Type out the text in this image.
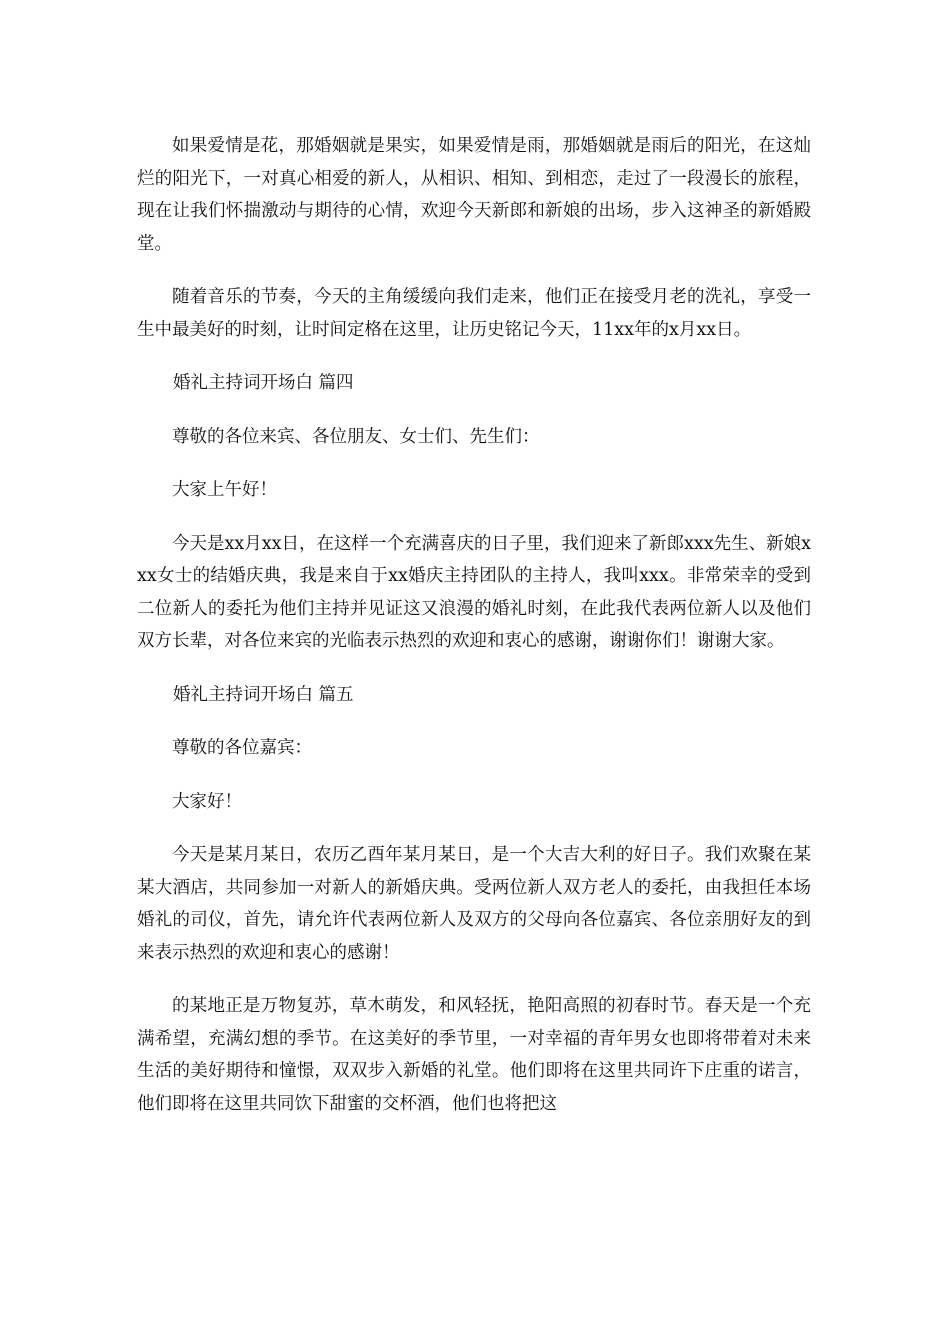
如果爱情是花，那婚姻就是果实，如果爱情是雨，那婚姻就是雨后的阳光，在这灿烂的阳光下，一对真心相爱的新人，从相识、相知、到相恋，走过了一段漫长的旅程，现在让我们怀揣激动与期待的心情，欢迎今天新郎和新娘的出场，步入这神圣的新婚殿堂。

随着音乐的节奏，今天的主角缓缓向我们走来，他们正在接受月老的洗礼，享受一生中最美好的时刻，让时间定格在这里，让历史铭记今天，11xx年的x月xx日。

婚礼主持词开场白 篇四

尊敬的各位来宾、各位朋友、女士们、先生们：

大家上午好！

今天是xx月xx日，在这样一个充满喜庆的日子里，我们迎来了新郎xxx先生、新娘xxx女士的结婚庆典，我是来自于xx婚庆主持团队的主持人，我叫xxx。非常荣幸的受到二位新人的委托为他们主持并见证这又浪漫的婚礼时刻，在此我代表两位新人以及他们双方长辈，对各位来宾的光临表示热烈的欢迎和衷心的感谢，谢谢你们！谢谢大家。

婚礼主持词开场白 篇五

尊敬的各位嘉宾：

大家好！

今天是某月某日，农历乙酉年某月某日，是一个大吉大利的好日子。我们欢聚在某某大酒店，共同参加一对新人的新婚庆典。受两位新人双方老人的委托，由我担任本场婚礼的司仪，首先，请允许代表两位新人及双方的父母向各位嘉宾、各位亲朋好友的到来表示热烈的欢迎和衷心的感谢！

的某地正是万物复苏，草木萌发，和风轻抚，艳阳高照的初春时节。春天是一个充满希望，充满幻想的季节。在这美好的季节里，一对幸福的青年男女也即将带着对未来生活的美好期待和憧憬，双双步入新婚的礼堂。他们即将在这里共同许下庄重的诺言，他们即将在这里共同饮下甜蜜的交杯酒，他们也将把这
